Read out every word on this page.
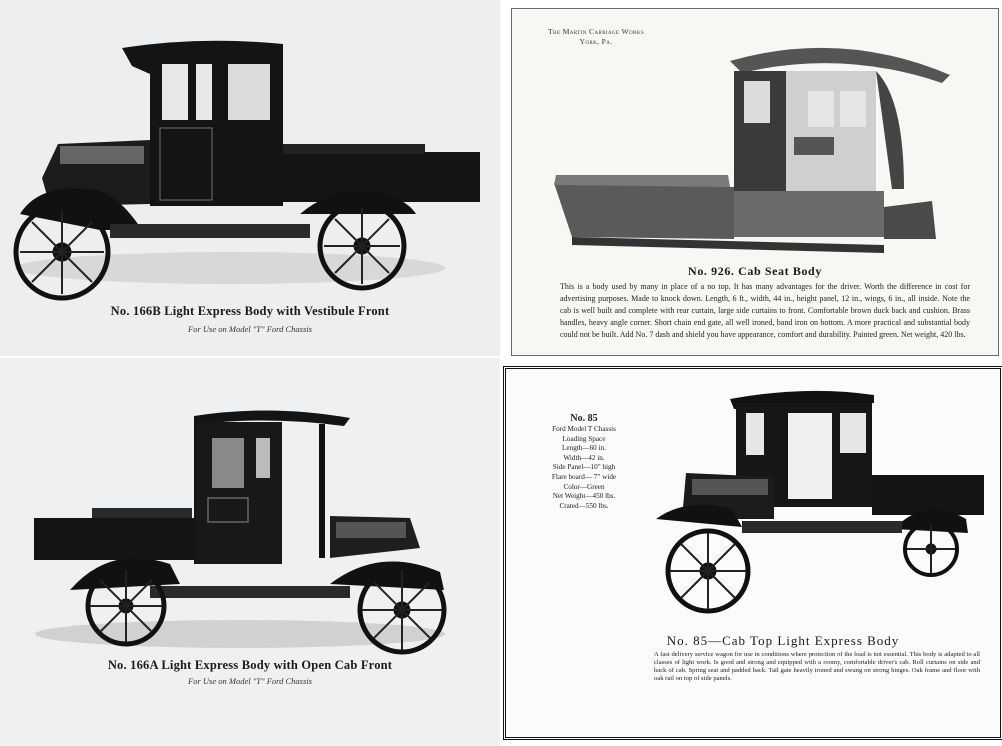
No. 166B Light Express Body with Vestibule Front
For Use on Model "T" Ford Chassis
The Martin Carriage Works
York, Pa.
No. 926. Cab Seat Body
This is a body used by many in place of a no top. It has many advantages for the driver. Worth the difference in cost for advertising purposes. Made to knock down. Length, 6 ft., width, 44 in., height panel, 12 in., wings, 6 in., all inside. Note the cab is well built and complete with rear curtain, large side curtains to front. Comfortable brown duck back and cushion. Brass handles, heavy angle corner. Short chain end gate, all well ironed, band iron on bottom. A more practical and substantial body could not be built. Add No. 7 dash and shield you have appearance, comfort and durability. Painted green. Net weight, 420 lbs.
No. 166A Light Express Body with Open Cab Front
For Use on Model "T" Ford Chassis
No. 85
Ford Model T Chassis
Loading Space
Length—60 in.
Width—42 in.
Side Panel—10" high
Flare board— 7" wide
Color—Green
Net Weight—450 lbs.
Crated—550 lbs.
No. 85—Cab Top Light Express Body
A fast delivery service wagon for use in conditions where protection of the load is not essential. This body is adapted to all classes of light work. Is good and strong and equipped with a roomy, comfortable driver's cab. Roll curtains on side and back of cab. Spring seat and padded back. Tail gate heavily ironed and swung on strong hinges. Oak frame and floor with oak rail on top of side panels.
